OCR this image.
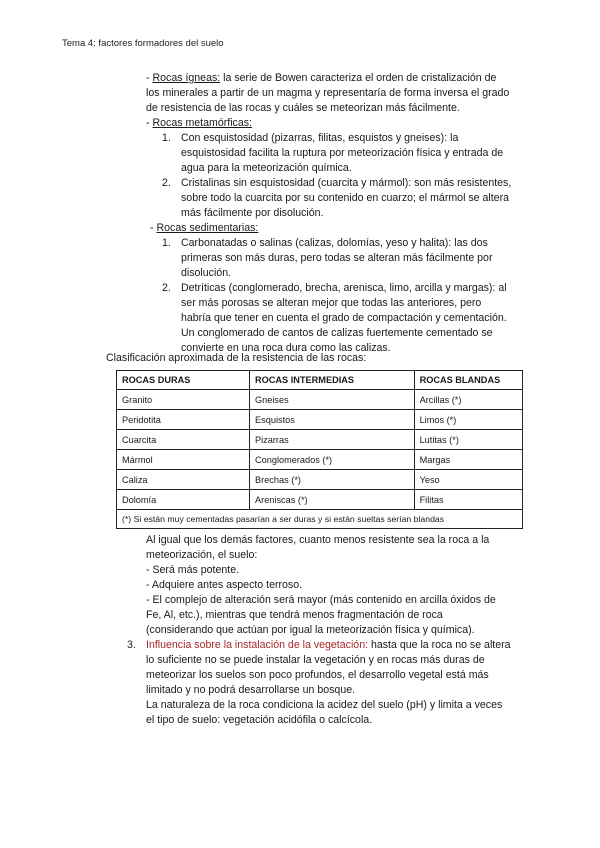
Tema 4: factores formadores del suelo
- Rocas ígneas: la serie de Bowen caracteriza el orden de cristalización de
los minerales a partir de un magma y representaría de forma inversa el grado
de resistencia de las rocas y cuáles se meteorizan más fácilmente.
- Rocas metamórficas:
1. Con esquistosidad (pizarras, filitas, esquistos y gneises): la
esquistosidad facilita la ruptura por meteorización física y entrada de
agua para la meteorización química.
2. Cristalinas sin esquistosidad (cuarcita y mármol): son más resistentes,
sobre todo la cuarcita por su contenido en cuarzo; el mármol se altera
más fácilmente por disolución.
- Rocas sedimentarias:
1. Carbonatadas o salinas (calizas, dolomías, yeso y halita): las dos
primeras son más duras, pero todas se alteran más fácilmente por
disolución.
2. Detríticas (conglomerado, brecha, arenisca, limo, arcilla y margas): al
ser más porosas se alteran mejor que todas las anteriores, pero
habría que tener en cuenta el grado de compactación y cementación.
Un conglomerado de cantos de calizas fuertemente cementado se
convierte en una roca dura como las calizas.
Clasificación aproximada de la resistencia de las rocas:
ROCAS DURAS	ROCAS INTERMEDIAS	ROCAS BLANDAS
Granito	Gneises	Arcillas (*)
Peridotita	Esquistos	Limos (*)
Cuarcita	Pizarras	Lutitas (*)
Mármol	Conglomerados (*)	Margas
Caliza	Brechas (*)	Yeso
Dolomía	Areniscas (*)	Filitas
(*) Si están muy cementadas pasarían a ser duras y si están sueltas serían blandas		
Al igual que los demás factores, cuanto menos resistente sea la roca a la
meteorización, el suelo:
- Será más potente.
- Adquiere antes aspecto terroso.
- El complejo de alteración será mayor (más contenido en arcilla óxidos de
Fe, Al, etc.), mientras que tendrá menos fragmentación de roca
(considerando que actúan por igual la meteorización física y química).
3. Influencia sobre la instalación de la vegetación: hasta que la roca no se altera
lo suficiente no se puede instalar la vegetación y en rocas más duras de
meteorizar los suelos son poco profundos, el desarrollo vegetal está más
limitado y no podrá desarrollarse un bosque.
La naturaleza de la roca condiciona la acidez del suelo (pH) y limita a veces
el tipo de suelo: vegetación acidófila o calcícola.
